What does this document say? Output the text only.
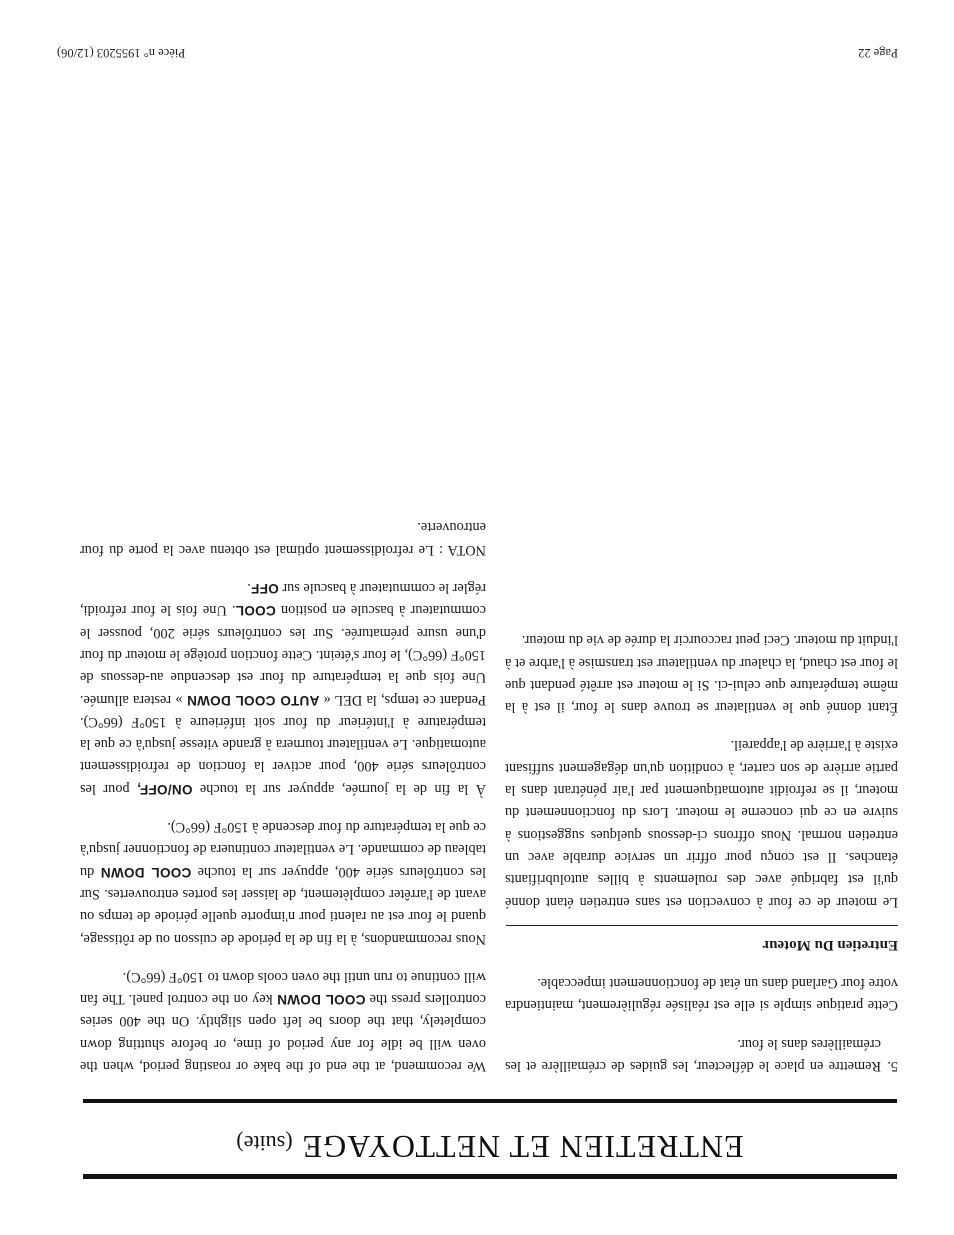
ENTRETIEN ET NETTOYAGE (suite)

5.
Remettre en place le déflecteur, les guides de crémaillère et les crémaillères dans le four.

Cette pratique simple si elle est réalisée régulièrement, maintiendra votre four Garland dans un état de fonctionnement impeccable.

Entretien Du Moteur

Le moteur de ce four à convection est sans entretien étant donné qu'il est fabriqué avec des roulements à billes autolubrifiants étanches. Il est conçu pour offrir un service durable avec un entretien normal. Nous offrons ci-dessous quelques suggestions à suivre en ce qui concerne le moteur. Lors du fonctionnement du moteur, il se refroidit automatiquement par l'air pénétrant dans la partie arrière de son carter, à condition qu'un dégagement suffisant existe à l'arrière de l'appareil.

Étant donné que le ventilateur se trouve dans le four, il est à la même température que celui-ci. Si le moteur est arrêté pendant que le four est chaud, la chaleur du ventilateur est transmise à l'arbre et à l'induit du moteur. Ceci peut raccourcir la durée de vie du moteur.

We recommend, at the end of the bake or roasting period, when the oven will be idle for any period of time, or before shutting down completely, that the doors be left open slightly. On the 400 series controllers press the COOL DOWN key on the control panel. The fan will continue to run until the oven cools down to 150°F (66°C).

Nous recommandons, à la fin de la période de cuisson ou de rôtissage, quand le four est au ralenti pour n'importe quelle période de temps ou avant de l'arrêter complètement, de laisser les portes entrouvertes. Sur les contrôleurs série 400, appuyer sur la touche COOL DOWN du tableau de commande. Le ventilateur continuera de fonctionner jusqu'à ce que la température du four descende à 150°F (66°C).

À la fin de la journée, appuyer sur la touche ON/OFF, pour les contrôleurs série 400, pour activer la fonction de refroidissement automatique. Le ventilateur tournera à grande vitesse jusqu'à ce que la température à l'intérieur du four soit inférieure à 150°F (66°C). Pendant ce temps, la DEL « AUTO COOL DOWN » restera allumée. Une fois que la température du four est descendue au-dessous de 150°F (66°C), le four s'éteint. Cette fonction protège le moteur du four d'une usure prématurée. Sur les contrôleurs série 200, pousser le commutateur à bascule en position COOL. Une fois le four refroidi, régler le commutateur à bascule sur OFF.

NOTA : Le refroidissement optimal est obtenu avec la porte du four entrouverte.

Page 22
Pièce n° 1955203 (12/06)
